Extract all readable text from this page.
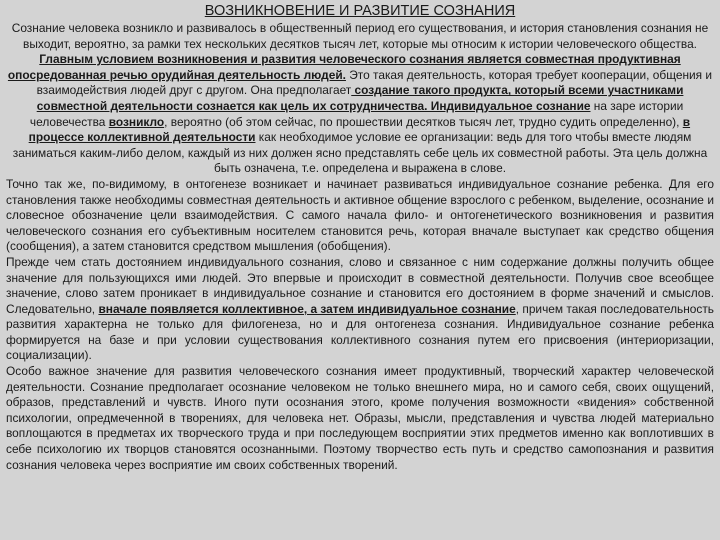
ВОЗНИКНОВЕНИЕ И РАЗВИТИЕ СОЗНАНИЯ

Сознание человека возникло и развивалось в общественный период его существования, и история становления сознания не выходит, вероятно, за рамки тех нескольких десятков тысяч лет, которые мы относим к истории человеческого общества. Главным условием возникновения и развития человеческого сознания является совместная продуктивная опосредованная речью орудийная деятельность людей. Это такая деятельность, которая требует кооперации, общения и взаимодействия людей друг с другом. Она предполагает создание такого продукта, который всеми участниками совместной деятельности сознается как цель их сотрудничества. Индивидуальное сознание на заре истории человечества возникло, вероятно (об этом сейчас, по прошествии десятков тысяч лет, трудно судить определенно), в процессе коллективной деятельности как необходимое условие ее организации: ведь для того чтобы вместе людям заниматься каким-либо делом, каждый из них должен ясно представлять себе цель их совместной работы. Эта цель должна быть означена, т.е. определена и выражена в слове.

Точно так же, по-видимому, в онтогенезе возникает и начинает развиваться индивидуальное сознание ребенка. Для его становления также необходимы совместная деятельность и активное общение взрослого с ребенком, выделение, осознание и словесное обозначение цели взаимодействия. С самого начала фило- и онтогенетического возникновения и развития человеческого сознания его субъективным носителем становится речь, которая вначале выступает как средство общения (сообщения), а затем становится средством мышления (обобщения).

Прежде чем стать достоянием индивидуального сознания, слово и связанное с ним содержание должны получить общее значение для пользующихся ими людей. Это впервые и происходит в совместной деятельности. Получив свое всеобщее значение, слово затем проникает в индивидуальное сознание и становится его достоянием в форме значений и смыслов. Следовательно, вначале появляется коллективное, а затем индивидуальное сознание, причем такая последовательность развития характерна не только для филогенеза, но и для онтогенеза сознания. Индивидуальное сознание ребенка формируется на базе и при условии существования коллективного сознания путем его присвоения (интериоризации, социализации).

Особо важное значение для развития человеческого сознания имеет продуктивный, творческий характер человеческой деятельности. Сознание предполагает осознание человеком не только внешнего мира, но и самого себя, своих ощущений, образов, представлений и чувств. Иного пути осознания этого, кроме получения возможности «видения» собственной психологии, опредмеченной в творениях, для человека нет. Образы, мысли, представления и чувства людей материально воплощаются в предметах их творческого труда и при последующем восприятии этих предметов именно как воплотивших в себе психологию их творцов становятся осознанными. Поэтому творчество есть путь и средство самопознания и развития сознания человека через восприятие им своих собственных творений.
